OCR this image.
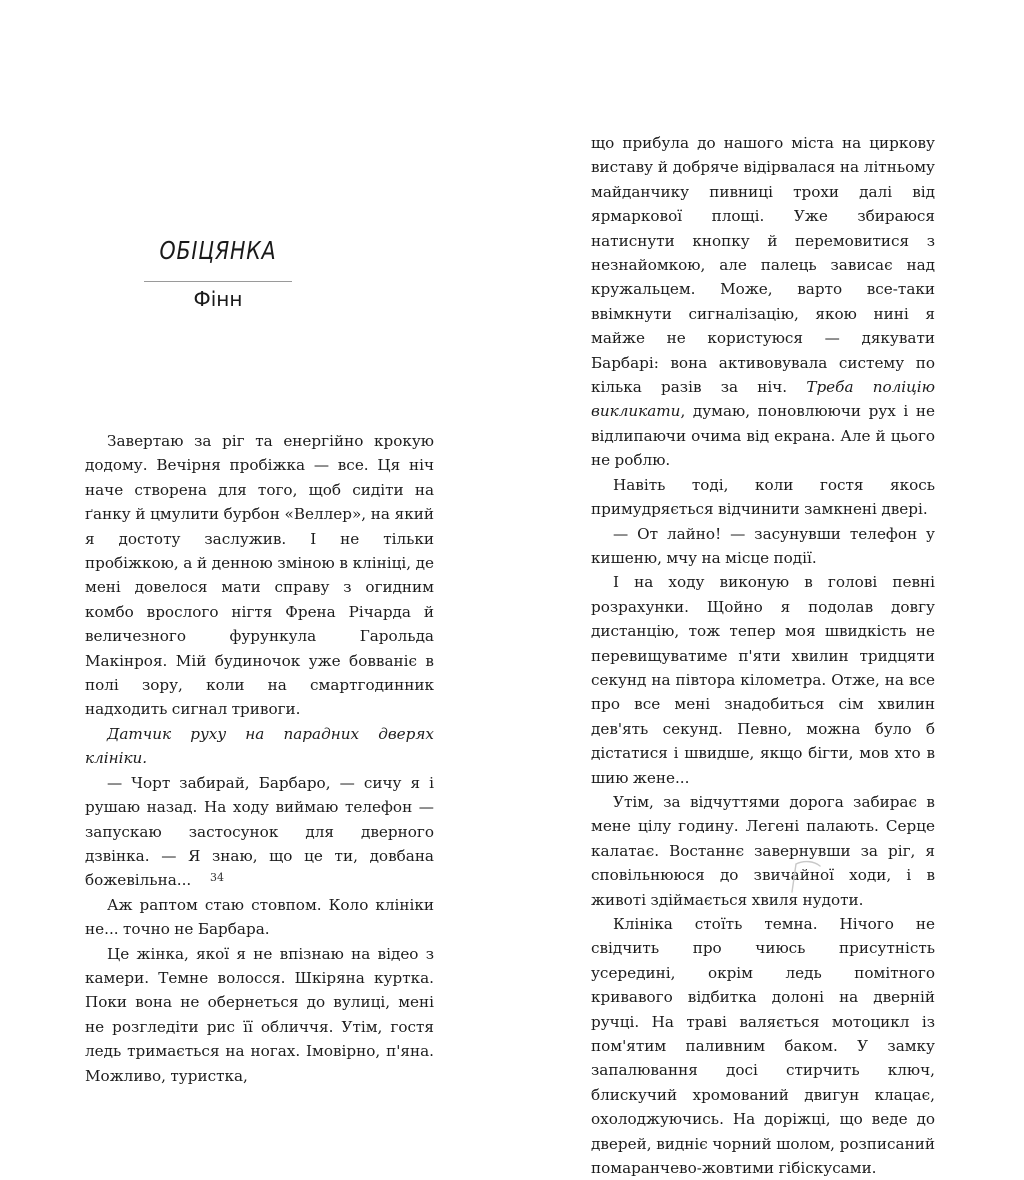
ОБІЦЯНКА
Фінн

Завертаю за ріг та енергійно крокую додому. Вечірня пробіжка — все. Ця ніч наче створена для того, щоб сидіти на ґанку й цмулити бурбон «Веллер», на який я достоту заслужив. І не тільки пробіжкою, а й денною зміною в клініці, де мені довелося мати справу з огидним комбо врослого нігтя Френа Річарда й величезного фурункула Гарольда Макінроя. Мій будиночок уже бовваніє в полі зору, коли на смартгодинник надходить сигнал тривоги.

Датчик руху на парадних дверях клініки.

— Чорт забирай, Барбаро, — сичу я і рушаю назад. На ходу виймаю телефон — запускаю застосунок для дверного дзвінка. — Я знаю, що це ти, довбана божевільна...

Аж раптом стаю стовпом. Коло клініки не... точно не Барбара.

Це жінка, якої я не впізнаю на відео з камери. Темне волосся. Шкіряна куртка. Поки вона не обернеться до вулиці, мені не розгледіти рис її обличчя. Утім, гостя ледь тримається на ногах. Імовірно, п'яна. Можливо, туристка,

34

що прибула до нашого міста на циркову виставу й добряче відірвалася на літньому майданчику пивниці трохи далі від ярмаркової площі. Уже збираюся натиснути кнопку й перемовитися з незнайомкою, але палець зависає над кружальцем. Може, варто все-таки ввімкнути сигналізацію, якою нині я майже не користуюся — дякувати Барбарі: вона активовувала систему по кілька разів за ніч. Треба поліцію викликати, думаю, поновлюючи рух і не відлипаючи очима від екрана. Але й цього не роблю.

Навіть тоді, коли гостя якось примудряється відчинити замкнені двері.

— От лайно! — засунувши телефон у кишеню, мчу на місце події.

І на ходу виконую в голові певні розрахунки. Щойно я подолав довгу дистанцію, тож тепер моя швидкість не перевищуватиме п'яти хвилин тридцяти секунд на півтора кілометра. Отже, на все про все мені знадобиться сім хвилин дев'ять секунд. Певно, можна було б дістатися і швидше, якщо бігти, мов хто в шию жене...

Утім, за відчуттями дорога забирає в мене цілу годину. Легені палають. Серце калатає. Востаннє завернувши за ріг, я сповільнююся до звичайної ходи, і в животі здіймається хвиля нудоти.

Клініка стоїть темна. Нічого не свідчить про чиюсь присутність усередині, окрім ледь помітного кривавого відбитка долоні на дверній ручці. На траві валяється мотоцикл із пом'ятим паливним баком. У замку запалювання досі стирчить ключ, блискучий хромований двигун клацає, охолоджуючись. На доріжці, що веде до дверей, видніє чорний шолом, розписаний помаранчево-жовтими гібіскусами.
